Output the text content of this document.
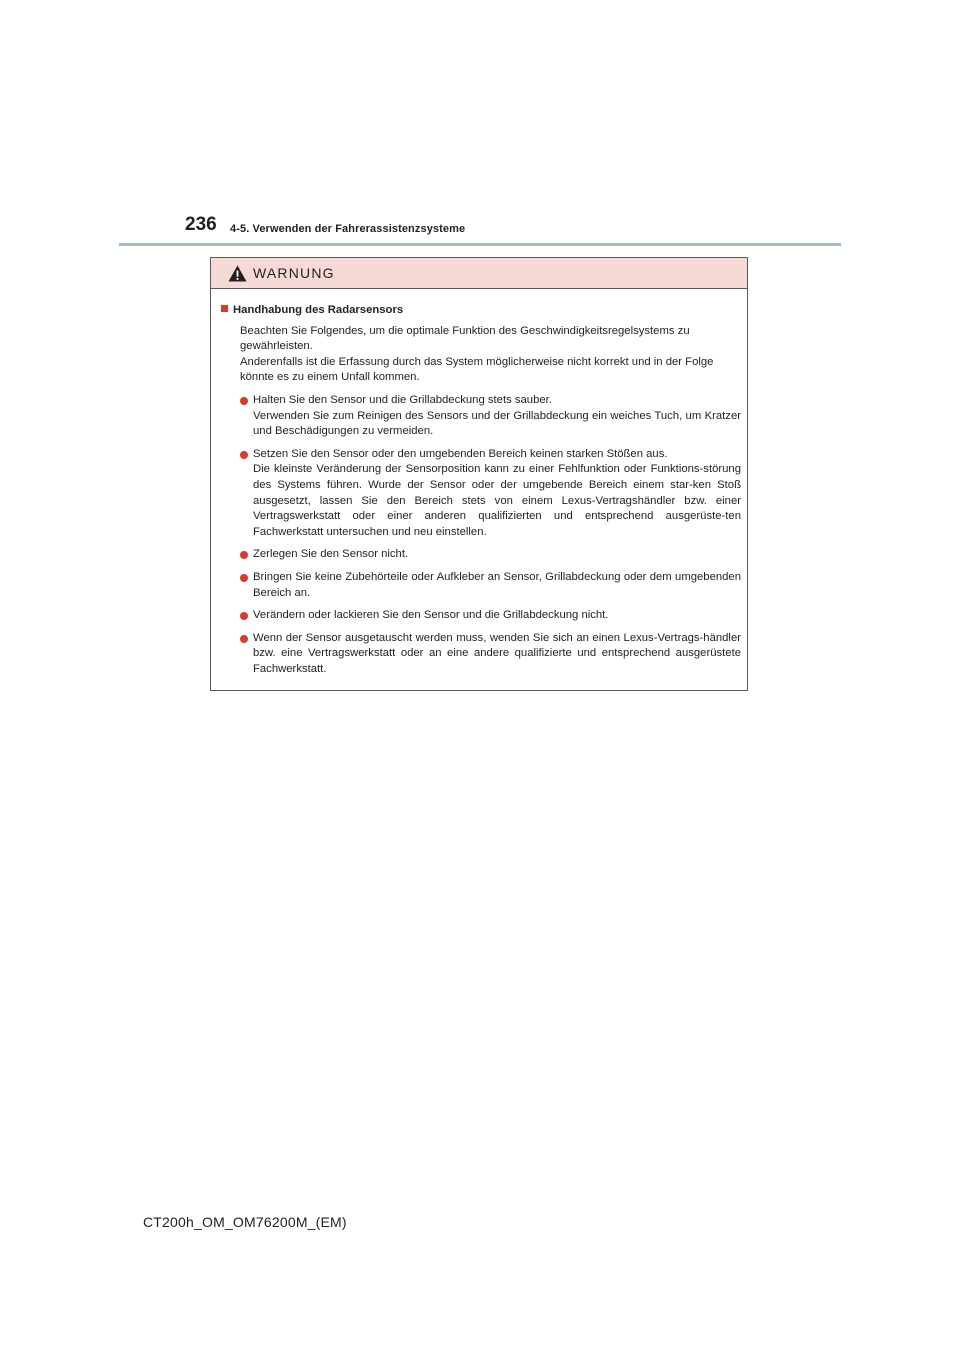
236 4-5. Verwenden der Fahrerassistenzsysteme
WARNUNG
Handhabung des Radarsensors

Beachten Sie Folgendes, um die optimale Funktion des Geschwindigkeitsregelsystems zu gewährleisten.

Anderenfalls ist die Erfassung durch das System möglicherweise nicht korrekt und in der Folge könnte es zu einem Unfall kommen.

Halten Sie den Sensor und die Grillabdeckung stets sauber.

Verwenden Sie zum Reinigen des Sensors und der Grillabdeckung ein weiches Tuch, um Kratzer und Beschädigungen zu vermeiden.

Setzen Sie den Sensor oder den umgebenden Bereich keinen starken Stößen aus.

Die kleinste Veränderung der Sensorposition kann zu einer Fehlfunktion oder Funktions-störung des Systems führen. Wurde der Sensor oder der umgebende Bereich einem star-ken Stoß ausgesetzt, lassen Sie den Bereich stets von einem Lexus-Vertragshändler bzw. einer Vertragswerkstatt oder einer anderen qualifizierten und entsprechend ausgerüste-ten Fachwerkstatt untersuchen und neu einstellen.

Zerlegen Sie den Sensor nicht.

Bringen Sie keine Zubehörteile oder Aufkleber an Sensor, Grillabdeckung oder dem umgebenden Bereich an.

Verändern oder lackieren Sie den Sensor und die Grillabdeckung nicht.

Wenn der Sensor ausgetauscht werden muss, wenden Sie sich an einen Lexus-Vertrags-händler bzw. eine Vertragswerkstatt oder an eine andere qualifizierte und entsprechend ausgerüstete Fachwerkstatt.

CT200h_OM_OM76200M_(EM)
